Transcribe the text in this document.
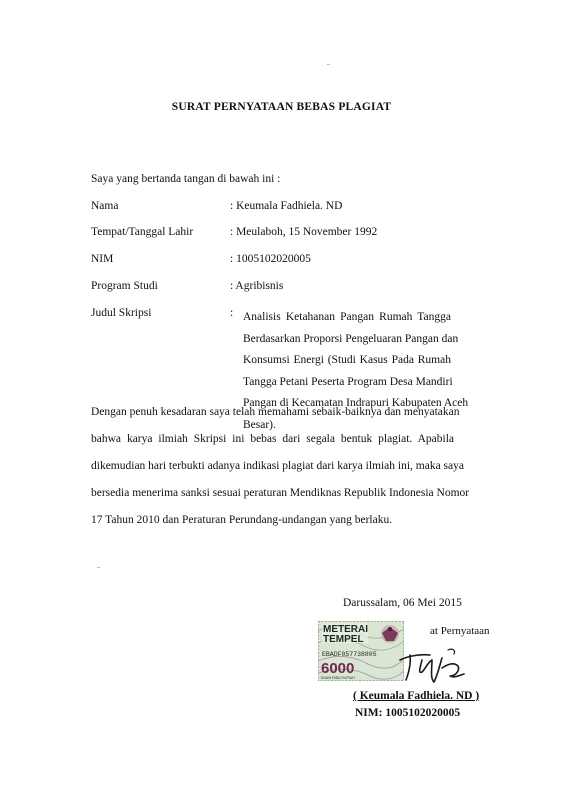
SURAT PERNYATAAN BEBAS PLAGIAT
Saya yang bertanda tangan di bawah ini :
Nama	: Keumala Fadhiela. ND
Tempat/Tanggal Lahir	: Meulaboh, 15 November 1992
NIM	: 1005102020005
Program Studi	: Agribisnis
Judul Skripsi	: Analisis Ketahanan Pangan Rumah Tangga
Berdasarkan Proporsi Pengeluaran Pangan dan
Konsumsi Energi (Studi Kasus Pada Rumah
Tangga Petani Peserta Program Desa Mandiri
Pangan di Kecamatan Indrapuri Kabupaten Aceh
Besar).
Dengan penuh kesadaran saya telah memahami sebaik-baiknya dan menyatakan
bahwa karya ilmiah Skripsi ini bebas dari segala bentuk plagiat. Apabila
dikemudian hari terbukti adanya indikasi plagiat dari karya ilmiah ini, maka saya
bersedia menerima sanksi sesuai peraturan Mendiknas Republik Indonesia Nomor
17 Tahun 2010 dan Peraturan Perundang-undangan yang berlaku.
Darussalam, 06 Mei 2015
METERAI
TEMPEL
EBADF057738805
6000
ENAM RIBU RUPIAH
at Pernyataan
( Keumala Fadhiela. ND )
NIM: 1005102020005
